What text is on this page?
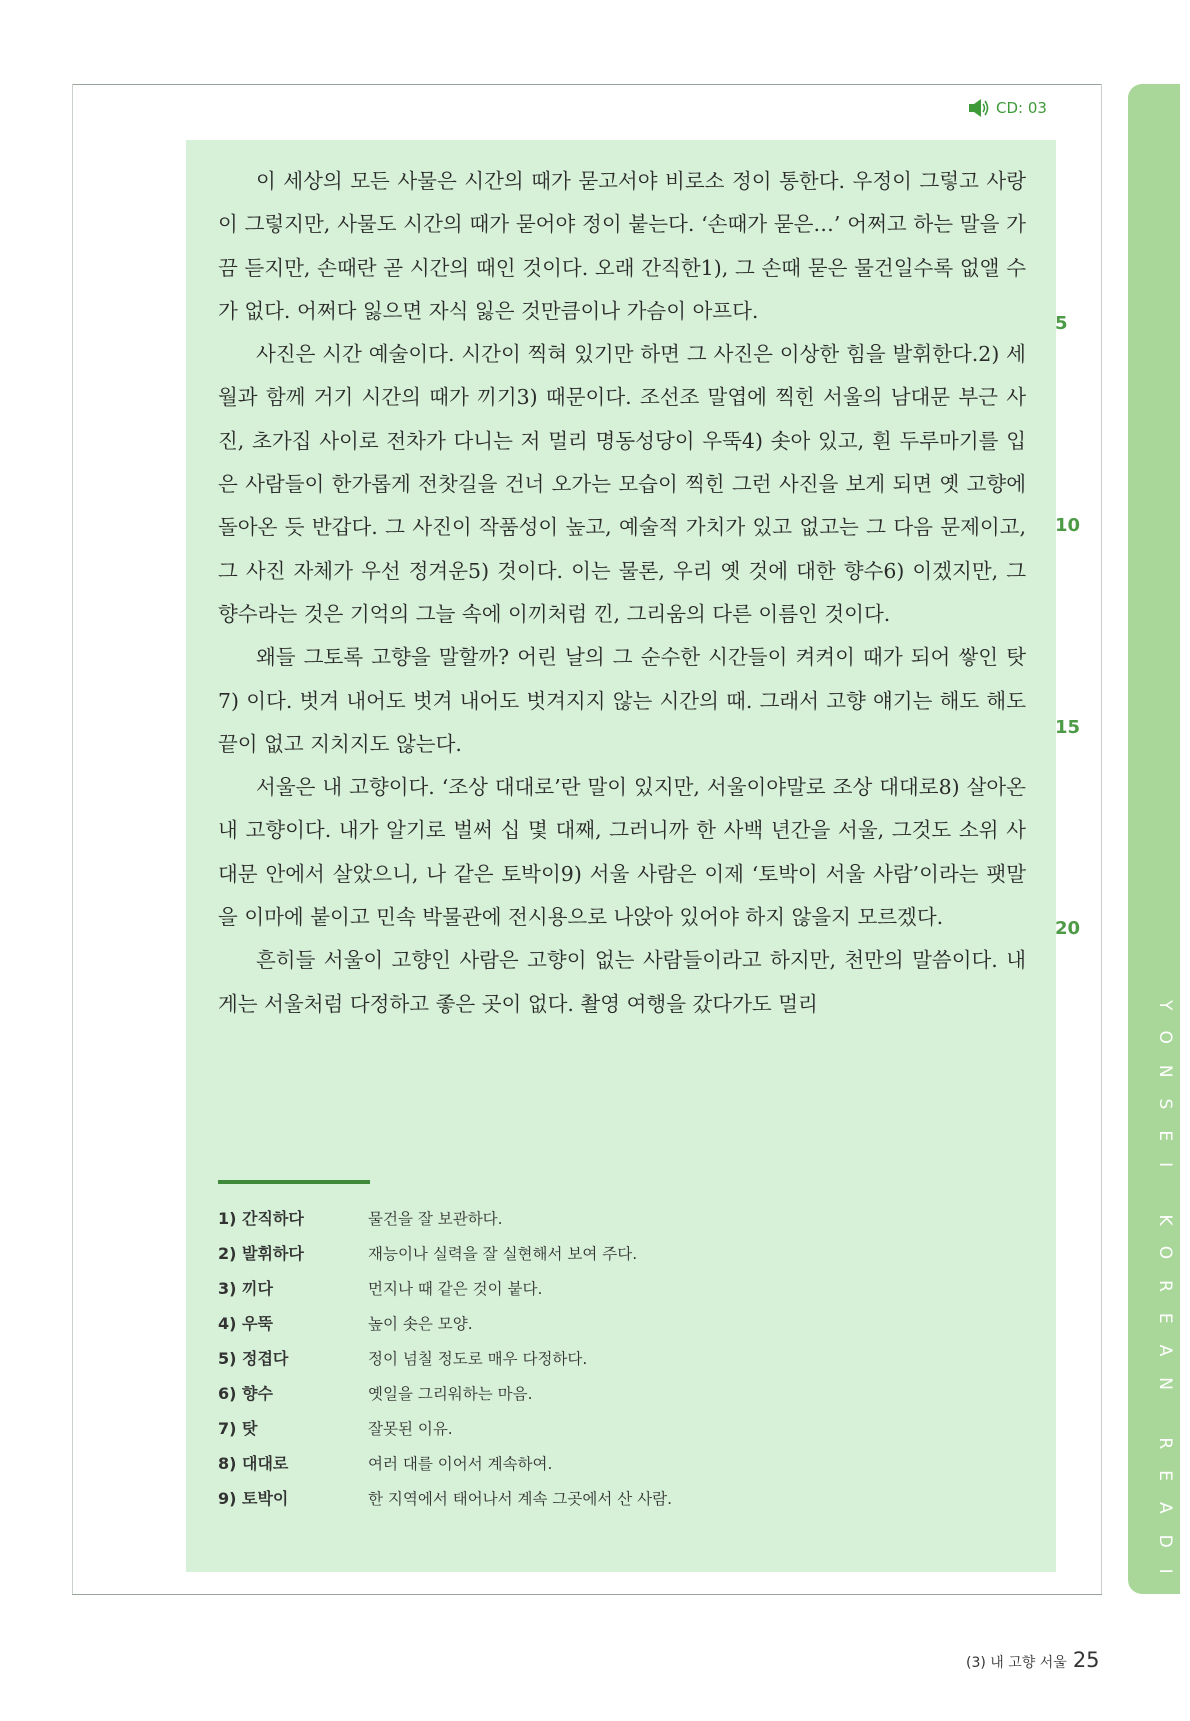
YONSEI KOREAN READING 4
CD: 03

이 세상의 모든 사물은 시간의 때가 묻고서야 비로소 정이 통한다. 우정이 그렇고 사랑이 그렇지만, 사물도 시간의 때가 묻어야 정이 붙는다. ‘손때가 묻은…’ 어쩌고 하는 말을 가끔 듣지만, 손때란 곧 시간의 때인 것이다. 오래 간직한1), 그 손때 묻은 물건일수록 없앨 수가 없다. 어쩌다 잃으면 자식 잃은 것만큼이나 가슴이 아프다.

사진은 시간 예술이다. 시간이 찍혀 있기만 하면 그 사진은 이상한 힘을 발휘한다.2) 세월과 함께 거기 시간의 때가 끼기3) 때문이다. 조선조 말엽에 찍힌 서울의 남대문 부근 사진, 초가집 사이로 전차가 다니는 저 멀리 명동성당이 우뚝4) 솟아 있고, 흰 두루마기를 입은 사람들이 한가롭게 전찻길을 건너 오가는 모습이 찍힌 그런 사진을 보게 되면 옛 고향에 돌아온 듯 반갑다. 그 사진이 작품성이 높고, 예술적 가치가 있고 없고는 그 다음 문제이고, 그 사진 자체가 우선 정겨운5) 것이다. 이는 물론, 우리 옛 것에 대한 향수6) 이겠지만, 그 향수라는 것은 기억의 그늘 속에 이끼처럼 낀, 그리움의 다른 이름인 것이다.

왜들 그토록 고향을 말할까? 어린 날의 그 순수한 시간들이 켜켜이 때가 되어 쌓인 탓7) 이다. 벗겨 내어도 벗겨 내어도 벗겨지지 않는 시간의 때. 그래서 고향 얘기는 해도 해도 끝이 없고 지치지도 않는다.

서울은 내 고향이다. ‘조상 대대로’란 말이 있지만, 서울이야말로 조상 대대로8) 살아온 내 고향이다. 내가 알기로 벌써 십 몇 대째, 그러니까 한 사백 년간을 서울, 그것도 소위 사대문 안에서 살았으니, 나 같은 토박이9) 서울 사람은 이제 ‘토박이 서울 사람’이라는 팻말을 이마에 붙이고 민속 박물관에 전시용으로 나앉아 있어야 하지 않을지 모르겠다.

흔히들 서울이 고향인 사람은 고향이 없는 사람들이라고 하지만, 천만의 말씀이다. 내게는 서울처럼 다정하고 좋은 곳이 없다. 촬영 여행을 갔다가도 멀리

5
10
15
20
1) 간직하다	물건을 잘 보관하다.
2) 발휘하다	재능이나 실력을 잘 실현해서 보여 주다.
3) 끼다	먼지나 때 같은 것이 붙다.
4) 우뚝	높이 솟은 모양.
5) 정겹다	정이 넘칠 정도로 매우 다정하다.
6) 향수	옛일을 그리워하는 마음.
7) 탓	잘못된 이유.
8) 대대로	여러 대를 이어서 계속하여.
9) 토박이	한 지역에서 태어나서 계속 그곳에서 산 사람.
(3) 내 고향 서울 25
